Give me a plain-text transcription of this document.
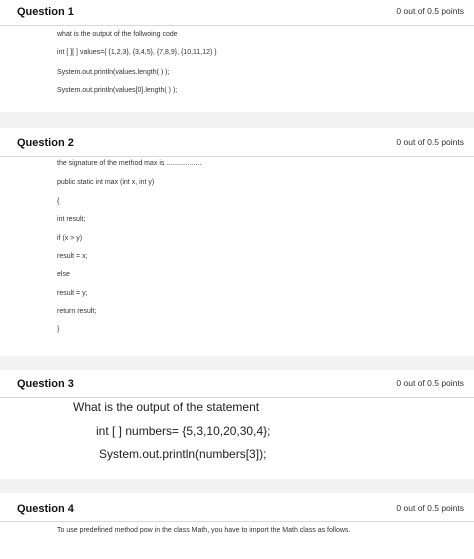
Question 1	0 out of 0.5 points
what is the output of the follwoing code
int [ ][ ] values={ {1,2,3}, {3,4,5}, {7,8,9}, {10,11,12} }
System.out.println(values.length( ) );
System.out.println(values[0].length( ) );
Question 2	0 out of 0.5 points
the signature of the method max is ..................
public static int max (int x, int y)
{
int result;
if (x > y)
result = x;
else
result = y;
return result;
}
Question 3	0 out of 0.5 points
What is the output of the statement
int [ ] numbers= {5,3,10,20,30,4};
System.out.println(numbers[3]);
Question 4	0 out of 0.5 points
To use predefined method pow in the class Math, you have to import the Math class as follows.
